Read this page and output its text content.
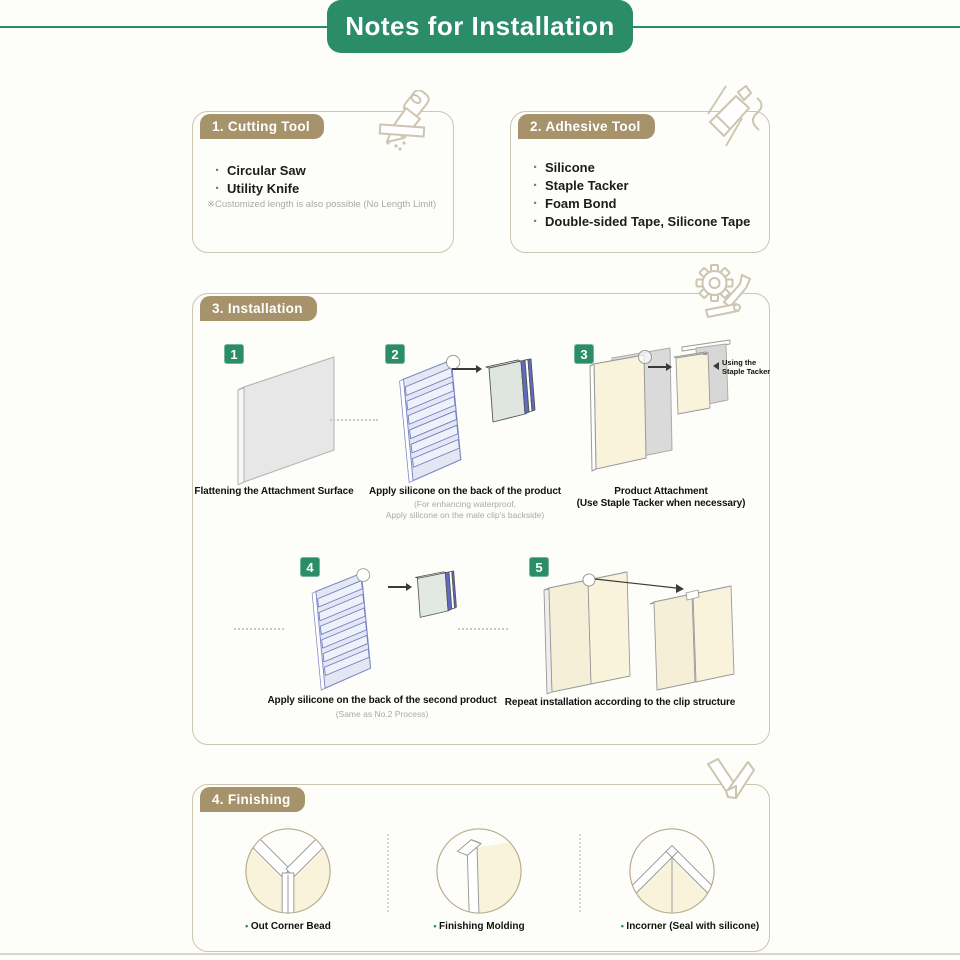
Notes for Installation
1. Cutting Tool
· Circular Saw
· Utility Knife
※Customized length is also possible (No Length Limit)
2. Adhesive Tool
· Silicone
· Staple Tacker
· Foam Bond
· Double-sided Tape, Silicone Tape
3. Installation
1
Flattening the Attachment Surface
2
Apply silicone on the back of the product
(For enhancing waterproof,
Apply silicone on the male clip's backside)
3
Using the
Staple Tacker
Product Attachment
(Use Staple Tacker when necessary)
4
Apply silicone on the back of the second product
(Same as No.2 Process)
5
Repeat installation according to the clip structure
4. Finishing
• Out Corner Bead	• Finishing Molding	• Incorner (Seal with silicone)
